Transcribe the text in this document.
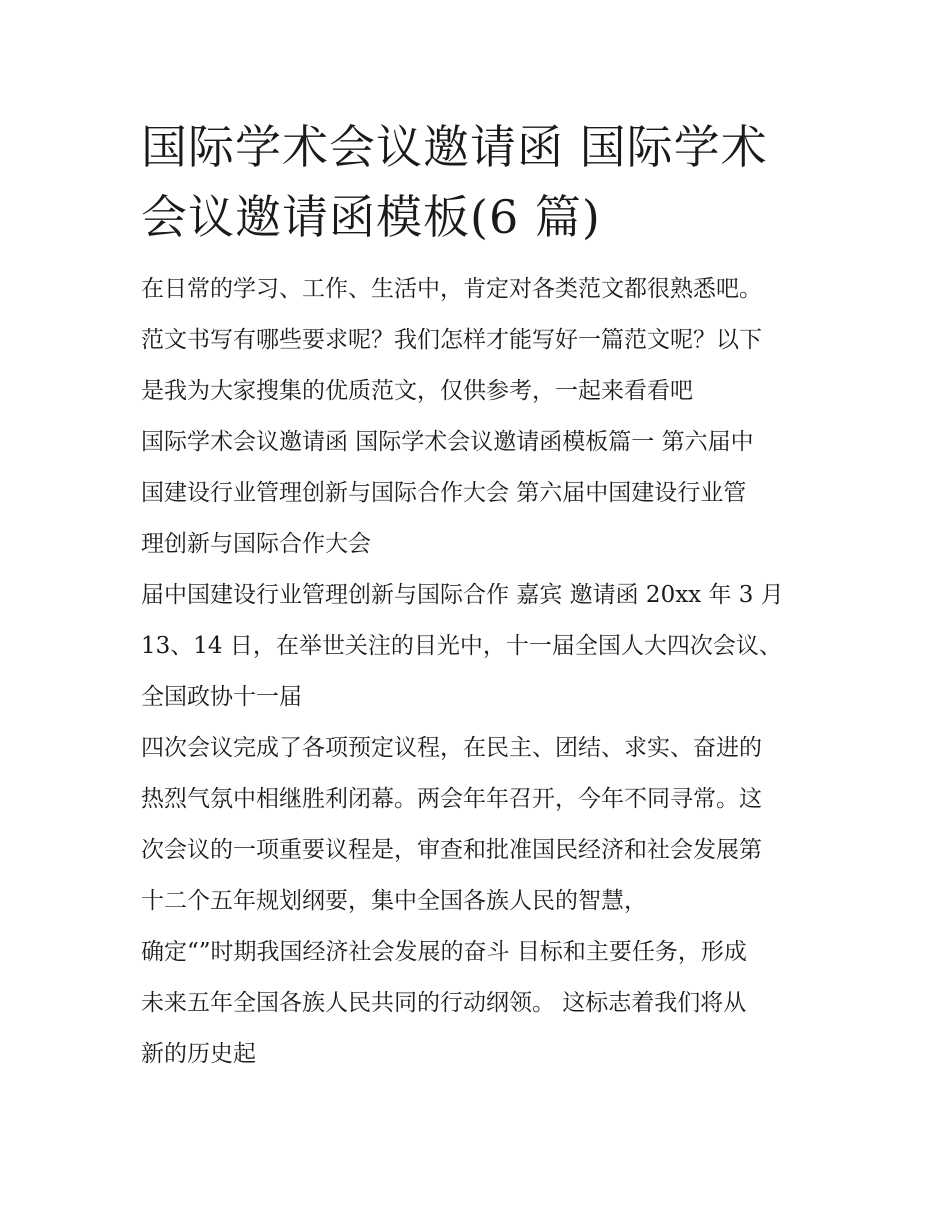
国际学术会议邀请函 国际学术
会议邀请函模板(6 篇)

在日常的学习、工作、生活中，肯定对各类范文都很熟悉吧。
范文书写有哪些要求呢？我们怎样才能写好一篇范文呢？以下
是我为大家搜集的优质范文，仅供参考，一起来看看吧

国际学术会议邀请函 国际学术会议邀请函模板篇一 第六届中
国建设行业管理创新与国际合作大会 第六届中国建设行业管
理创新与国际合作大会

届中国建设行业管理创新与国际合作 嘉宾 邀请函 20xx 年 3 月
13、14 日，在举世关注的目光中，十一届全国人大四次会议、
全国政协十一届

四次会议完成了各项预定议程，在民主、团结、求实、奋进的
热烈气氛中相继胜利闭幕。两会年年召开，今年不同寻常。这
次会议的一项重要议程是，审查和批准国民经济和社会发展第
十二个五年规划纲要，集中全国各族人民的智慧，

确定“”时期我国经济社会发展的奋斗 目标和主要任务，形成
未来五年全国各族人民共同的行动纲领。 这标志着我们将从
新的历史起
